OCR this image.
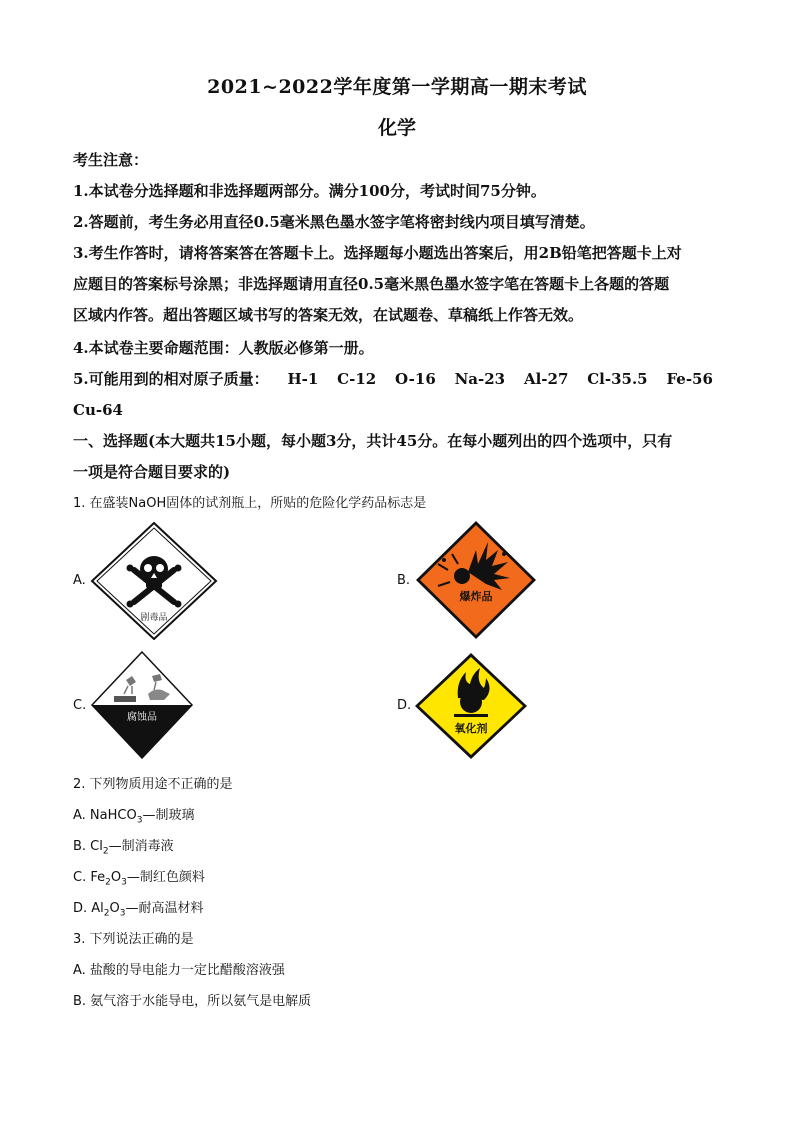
2021~2022学年度第一学期高一期末考试
化学
考生注意：
1.本试卷分选择题和非选择题两部分。满分100分，考试时间75分钟。
2.答题前，考生务必用直径0.5毫米黑色墨水签字笔将密封线内项目填写清楚。
3.考生作答时，请将答案答在答题卡上。选择题每小题选出答案后，用2B铅笔把答题卡上对
应题目的答案标号涂黑；非选择题请用直径0.5毫米黑色墨水签字笔在答题卡上各题的答题
区域内作答。超出答题区域书写的答案无效，在试题卷、草稿纸上作答无效。
4.本试卷主要命题范围：人教版必修第一册。
5.可能用到的相对原子质量： H-1 C-12 O-16 Na-23 Al-27 Cl-35.5 Fe-56
Cu-64
一、选择题(本大题共15小题，每小题3分，共计45分。在每小题列出的四个选项中，只有
一项是符合题目要求的)
1. 在盛装NaOH固体的试剂瓶上，所贴的危险化学药品标志是
A.
剧毒品
B.
爆炸品
C.
腐蚀品
D.
氧化剂
2. 下列物质用途不正确的是
A. NaHCO$_3$—制玻璃
B. $Cl_2—$制消毒液
C. $Fe_2O_3—$制红色颜料
D. $Al_2O_3—$耐高温材料
3. 下列说法正确的是
A. 盐酸的导电能力一定比醋酸溶液强
B. 氨气溶于水能导电，所以氨气是电解质
